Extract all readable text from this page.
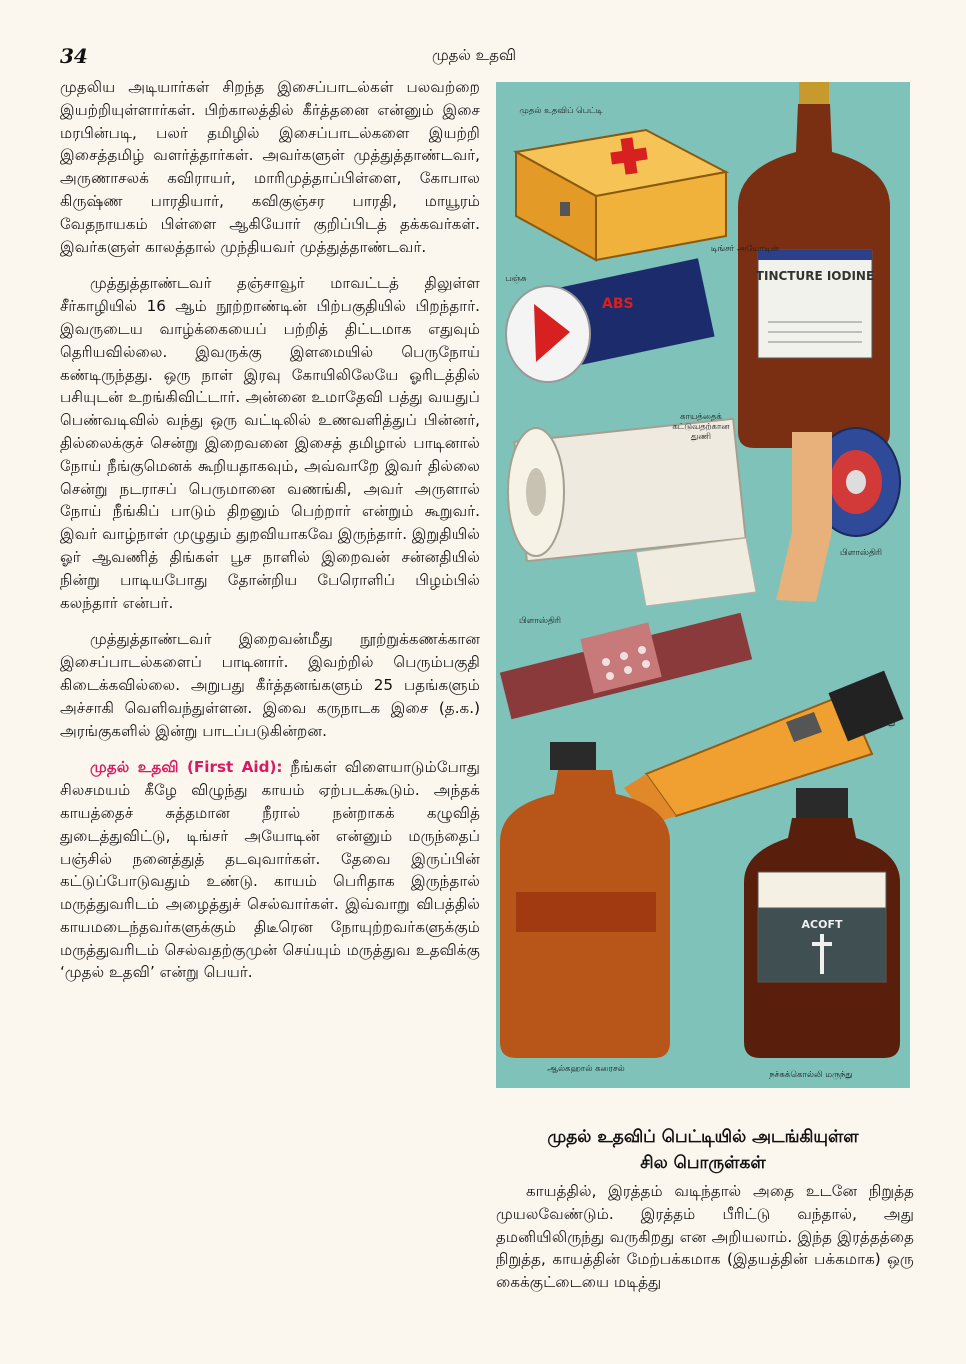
34	முதல் உதவி

முதலிய அடியார்கள் சிறந்த இசைப்பாடல்கள் பலவற்றை இயற்றியுள்ளார்கள். பிற்காலத்தில் கீர்த்தனை என்னும் இசை மரபின்படி, பலர் தமிழில் இசைப்பாடல்களை இயற்றி இசைத்தமிழ் வளர்த்தார்கள். அவர்களுள் முத்துத்தாண்டவர், அருணாசலக் கவிராயர், மாரிமுத்தாப்பிள்ளை, கோபால கிருஷ்ண பாரதியார், கவிகுஞ்சர பாரதி, மாயூரம் வேதநாயகம் பிள்ளை ஆகியோர் குறிப்பிடத் தக்கவர்கள். இவர்களுள் காலத்தால் முந்தியவர் முத்துத்தாண்டவர்.

முத்துத்தாண்டவர் தஞ்சாவூர் மாவட்டத் திலுள்ள சீர்காழியில் 16 ஆம் நூற்றாண்டின் பிற்பகுதியில் பிறந்தார். இவருடைய வாழ்க்கையைப் பற்றித் திட்டமாக எதுவும் தெரியவில்லை. இவருக்கு இளமையில் பெருநோய் கண்டிருந்தது. ஒரு நாள் இரவு கோயிலிலேயே ஓரிடத்தில் பசியுடன் உறங்கிவிட்டார். அன்னை உமாதேவி பத்து வயதுப் பெண்வடிவில் வந்து ஒரு வட்டிலில் உணவளித்துப் பின்னர், தில்லைக்குச் சென்று இறைவனை இசைத் தமிழால் பாடினால் நோய் நீங்குமெனக் கூறியதாகவும், அவ்வாறே இவர் தில்லை சென்று நடராசப் பெருமானை வணங்கி, அவர் அருளால் நோய் நீங்கிப் பாடும் திறனும் பெற்றார் என்றும் கூறுவர். இவர் வாழ்நாள் முழுதும் துறவியாகவே இருந்தார். இறுதியில் ஓர் ஆவணித் திங்கள் பூச நாளில் இறைவன் சன்னதியில் நின்று பாடியபோது தோன்றிய பேரொளிப் பிழம்பில் கலந்தார் என்பர்.

முத்துத்தாண்டவர் இறைவன்மீது நூற்றுக்கணக்கான இசைப்பாடல்களைப் பாடினார். இவற்றில் பெரும்பகுதி கிடைக்கவில்லை. அறுபது கீர்த்தனங்களும் 25 பதங்களும் அச்சாகி வெளிவந்துள்ளன. இவை கருநாடக இசை (த.க.) அரங்குகளில் இன்று பாடப்படுகின்றன.

முதல் உதவி (First Aid): நீங்கள் விளையாடும்போது சிலசமயம் கீழே விழுந்து காயம் ஏற்படக்கூடும். அந்தக் காயத்தைச் சுத்தமான நீரால் நன்றாகக் கழுவித் துடைத்துவிட்டு, டிங்சர் அயோடின் என்னும் மருந்தைப் பஞ்சில் நனைத்துத் தடவுவார்கள். தேவை இருப்பின் கட்டுப்போடுவதும் உண்டு. காயம் பெரிதாக இருந்தால் மருத்துவரிடம் அழைத்துச் செல்வார்கள். இவ்வாறு விபத்தில் காயமடைந்தவர்களுக்கும் திடீரென நோயுற்றவர்களுக்கும் மருத்துவரிடம் செல்வதற்குமுன் செய்யும் மருத்துவ உதவிக்கு ‘முதல் உதவி’ என்று பெயர்.

TINCTURE IODINE
ABS
ACOFT
முதல் உதவிப் பெட்டி
டிங்சர் அயோடின்
பஞ்சு
காயத்தைக் கட்டுவதற்கான துணி
பிளாஸ்திரி
பிளாஸ்திரி
காயம், தீப்புண் மருந்து
ஆல்கஹால் கரைசல்
நச்சுக்கொல்லி மருந்து
முதல் உதவிப் பெட்டியில் அடங்கியுள்ள
சில பொருள்கள்

காயத்தில், இரத்தம் வடிந்தால் அதை உடனே நிறுத்த முயலவேண்டும். இரத்தம் பீரிட்டு வந்தால், அது தமனியிலிருந்து வருகிறது என அறியலாம். இந்த இரத்தத்தை நிறுத்த, காயத்தின் மேற்பக்கமாக (இதயத்தின் பக்கமாக) ஒரு கைக்குட்டையை மடித்து
